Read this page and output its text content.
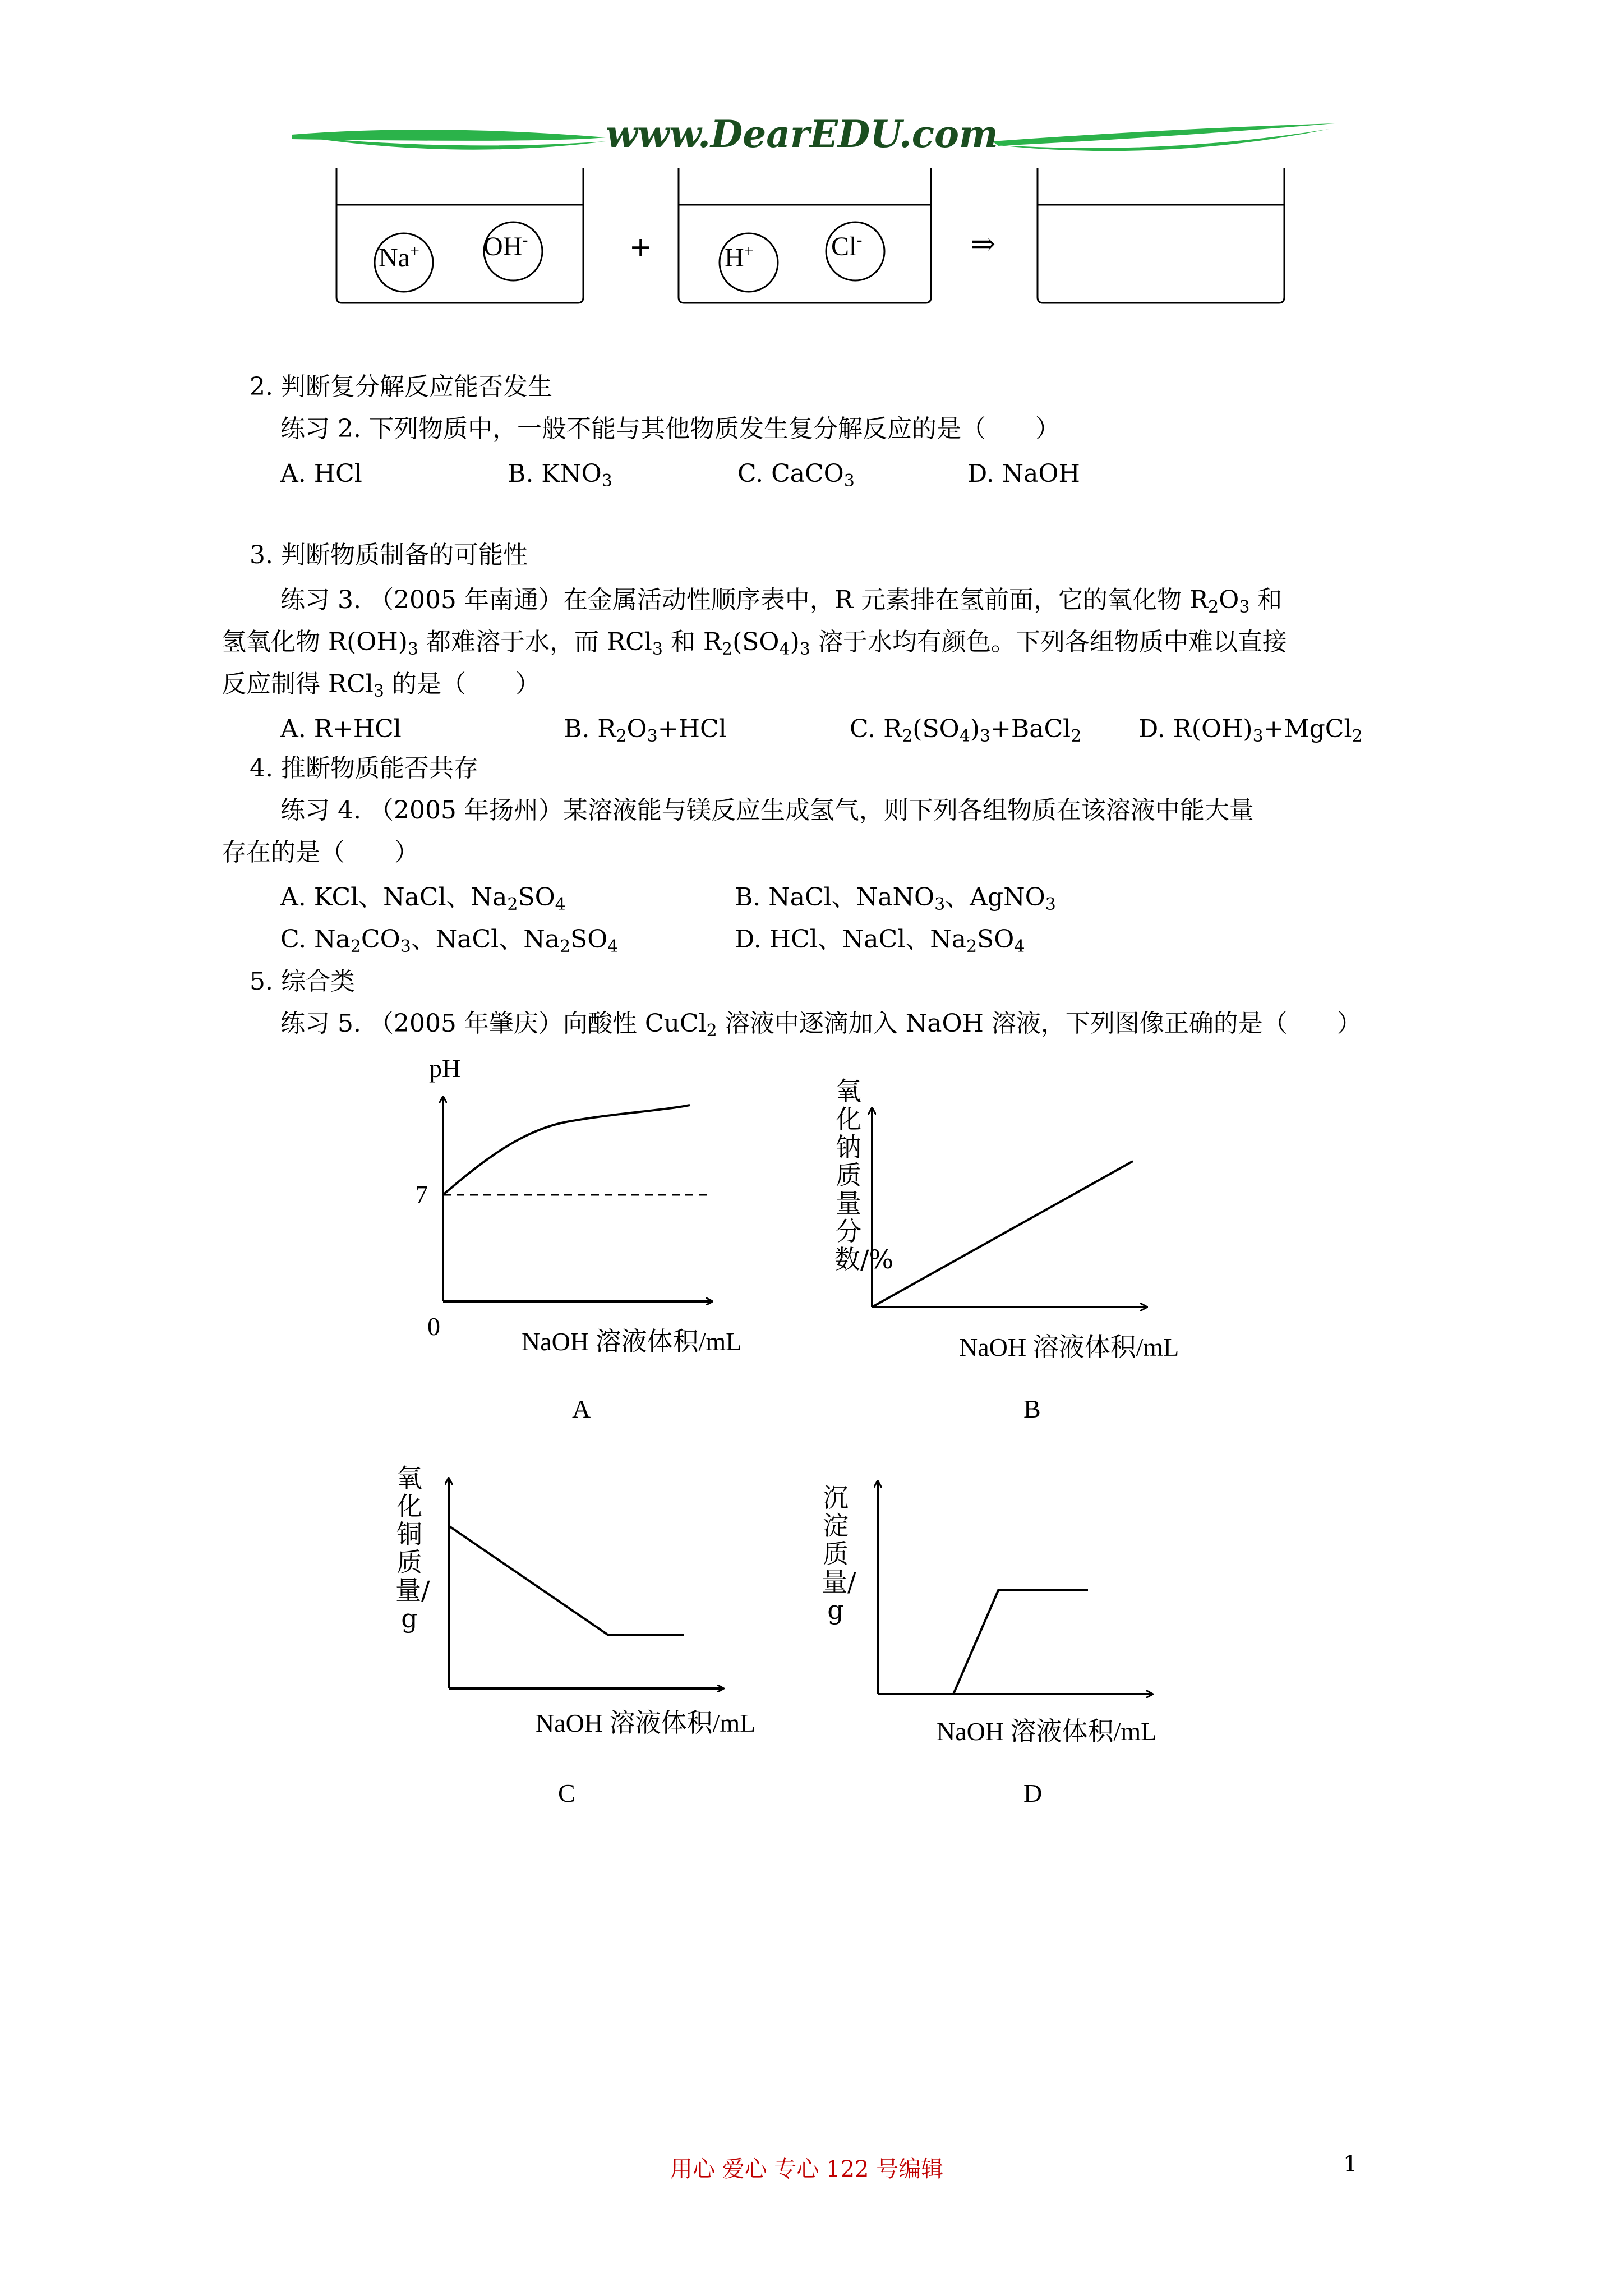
www.DearEDU.com
Na+ OH-	+	H+	Cl-	⇒
2. 判断复分解反应能否发生
练习 2. 下列物质中，一般不能与其他物质发生复分解反应的是（　　）
A. HCl	B. $KNO_3$	C. CaCO$_3$	D. NaOH
3. 判断物质制备的可能性
练习 3. （2005 年南通）在金属活动性顺序表中，R 元素排在氢前面，它的氧化物 $R_2O_3$ 和
氢氧化物 $R(OH)_3$ 都难溶于水，而 RCl$_3$ 和 $R_2(SO_4)_3$ 溶于水均有颜色。下列各组物质中难以直接
反应制得 RCl$_3$ 的是（　　）
A. R+HCl	B. $R_2O_3+HCl$	C. $R_2(SO_4)_3+BaCl_2$ D. $R(OH)_3+MgCl_2$
4. 推断物质能否共存
练习 4. （2005 年扬州）某溶液能与镁反应生成氢气，则下列各组物质在该溶液中能大量
存在的是（　　）
A. KCl、NaCl、$Na_2SO_4$	B. NaCl、NaNO$_3$、AgNO$_3$
C. $Na_2CO_3$、NaCl、$Na_2SO_4$	D. HCl、NaCl、$Na_2SO_4$
5. 综合类
练习 5. （2005 年肇庆）向酸性 CuCl$_2$ 溶液中逐滴加入 NaOH 溶液，下列图像正确的是（　　）
pH
7
0
NaOH 溶液体积/mL
A
氧化钠质量分数/%
NaOH 溶液体积/mL
B
氧化铜质量/g
NaOH 溶液体积/mL
C
沉淀质量/g
NaOH 溶液体积/mL
D
用心 爱心 专心 122 号编辑	1
